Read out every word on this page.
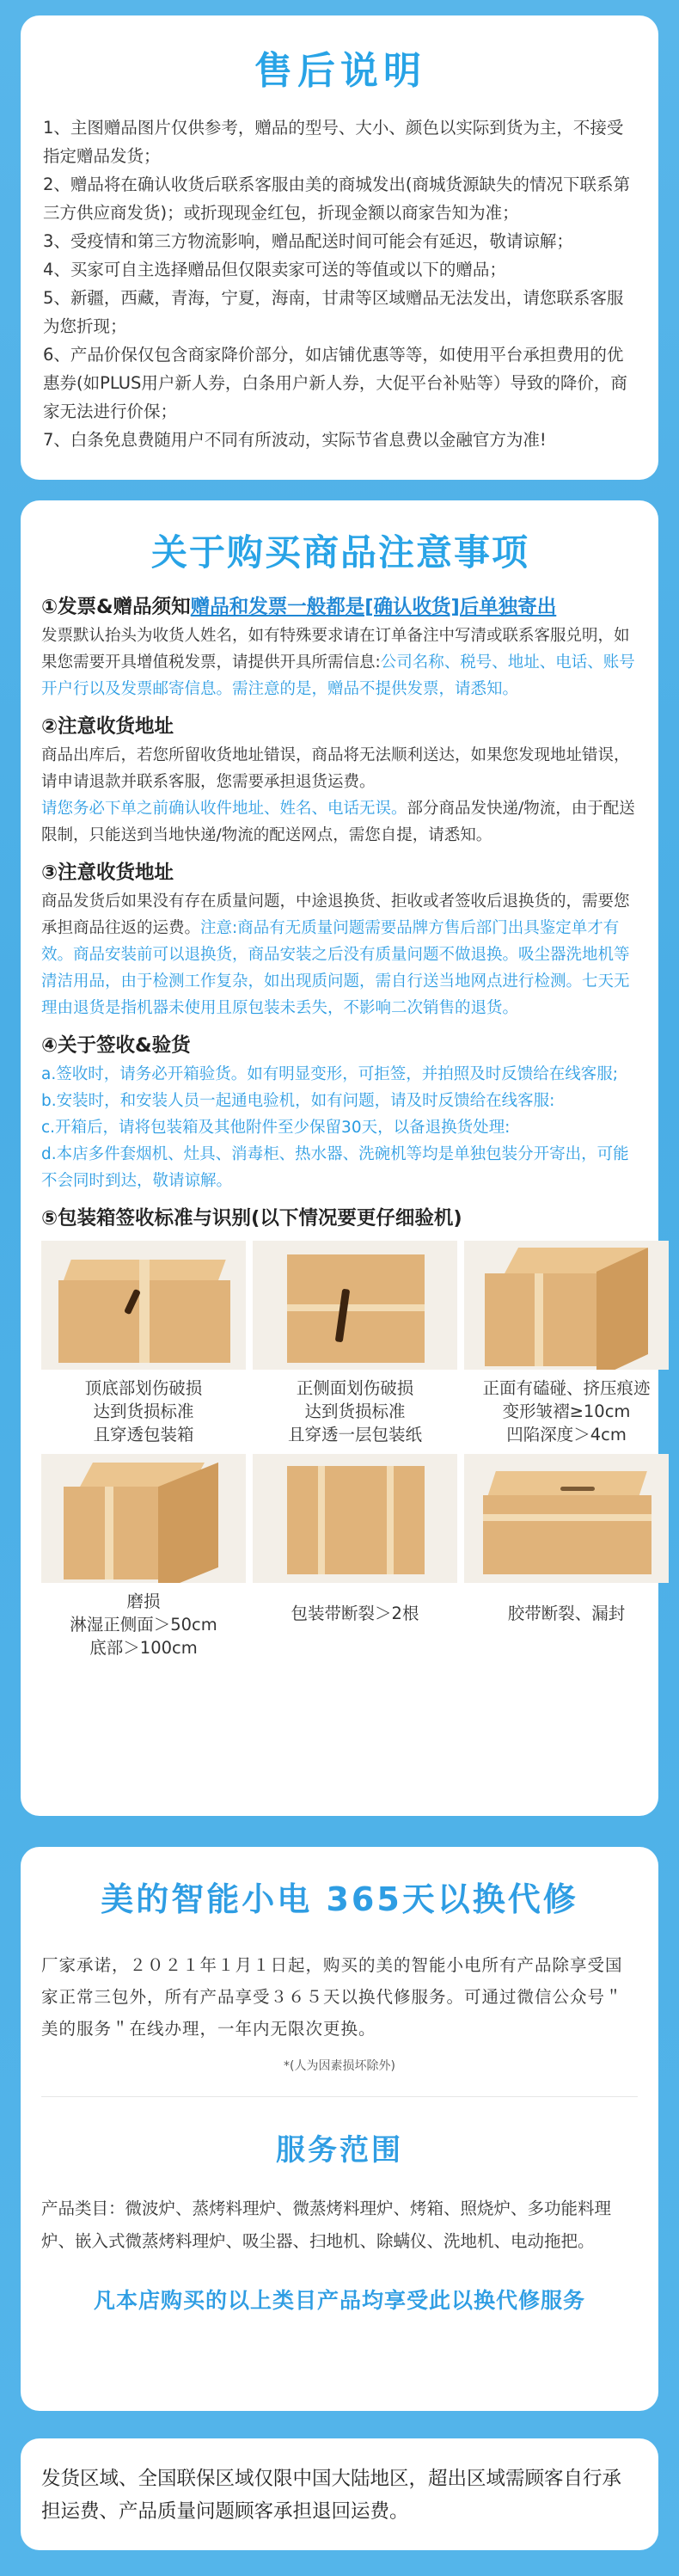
售后说明
1、主图赠品图片仅供参考，赠品的型号、大小、颜色以实际到货为主，不接受指定赠品发货；
2、赠品将在确认收货后联系客服由美的商城发出(商城货源缺失的情况下联系第三方供应商发货)；或折现现金红包，折现金额以商家告知为准；
3、受疫情和第三方物流影响，赠品配送时间可能会有延迟，敬请谅解；
4、买家可自主选择赠品但仅限卖家可送的等值或以下的赠品；
5、新疆，西藏，青海，宁夏，海南，甘肃等区域赠品无法发出，请您联系客服为您折现；
6、产品价保仅包含商家降价部分，如店铺优惠等等，如使用平台承担费用的优惠券(如PLUS用户新人券，白条用户新人券，大促平台补贴等）导致的降价，商家无法进行价保；
7、白条免息费随用户不同有所波动，实际节省息费以金融官方为准!
关于购买商品注意事项
①发票&赠品须知赠品和发票一般都是[确认收货]后单独寄出

发票默认抬头为收货人姓名，如有特殊要求请在订单备注中写清或联系客服兑明，如果您需要开具增值税发票，请提供开具所需信息:公司名称、税号、地址、电话、账号开户行以及发票邮寄信息。需注意的是，赠品不提供发票，请悉知。

②注意收货地址

商品出库后，若您所留收货地址错误，商品将无法顺利送达，如果您发现地址错误，请申请退款并联系客服，您需要承担退货运费。
请您务必下单之前确认收件地址、姓名、电话无误。部分商品发快递/物流，由于配送限制，只能送到当地快递/物流的配送网点，需您自提，请悉知。

③注意收货地址

商品发货后如果没有存在质量问题，中途退换货、拒收或者签收后退换货的，需要您承担商品往返的运费。注意:商品有无质量问题需要品牌方售后部门出具鉴定单才有效。商品安装前可以退换货，商品安装之后没有质量问题不做退换。吸尘器洗地机等清洁用品，由于检测工作复杂，如出现质问题，需自行送当地网点进行检测。七天无理由退货是指机器未使用且原包装未丢失，不影响二次销售的退货。

④关于签收&验货

a.签收时，请务必开箱验货。如有明显变形，可拒签，并拍照及时反馈给在线客服;

b.安装时，和安装人员一起通电验机，如有问题，请及时反馈给在线客服:

c.开箱后，请将包装箱及其他附件至少保留30天，以备退换货处理:

d.本店多件套烟机、灶具、消毒柜、热水器、洗碗机等均是单独包装分开寄出，可能不会同时到达，敬请谅解。

⑤包装箱签收标准与识别(以下情况要更仔细验机)
顶底部划伤破损
达到货损标准
且穿透包装箱
正侧面划伤破损
达到货损标准
且穿透一层包装纸
正面有磕碰、挤压痕迹
变形皱褶≥10cm
凹陷深度＞4cm
磨损
淋湿正侧面＞50cm
底部＞100cm
包装带断裂＞2根	胶带断裂、漏封
美的智能小电 365天以换代修

厂家承诺，２０２１年１月１日起，购买的美的智能小电所有产品除享受国家正常三包外，所有产品享受３６５天以换代修服务。可通过微信公众号＂美的服务＂在线办理，一年内无限次更换。

*(人为因素损坏除外)
服务范围

产品类目：微波炉、蒸烤料理炉、微蒸烤料理炉、烤箱、照烧炉、多功能料理炉、嵌入式微蒸烤料理炉、吸尘器、扫地机、除螨仪、洗地机、电动拖把。

凡本店购买的以上类目产品均享受此以换代修服务

发货区域、全国联保区域仅限中国大陆地区，超出区域需顾客自行承担运费、产品质量问题顾客承担退回运费。
